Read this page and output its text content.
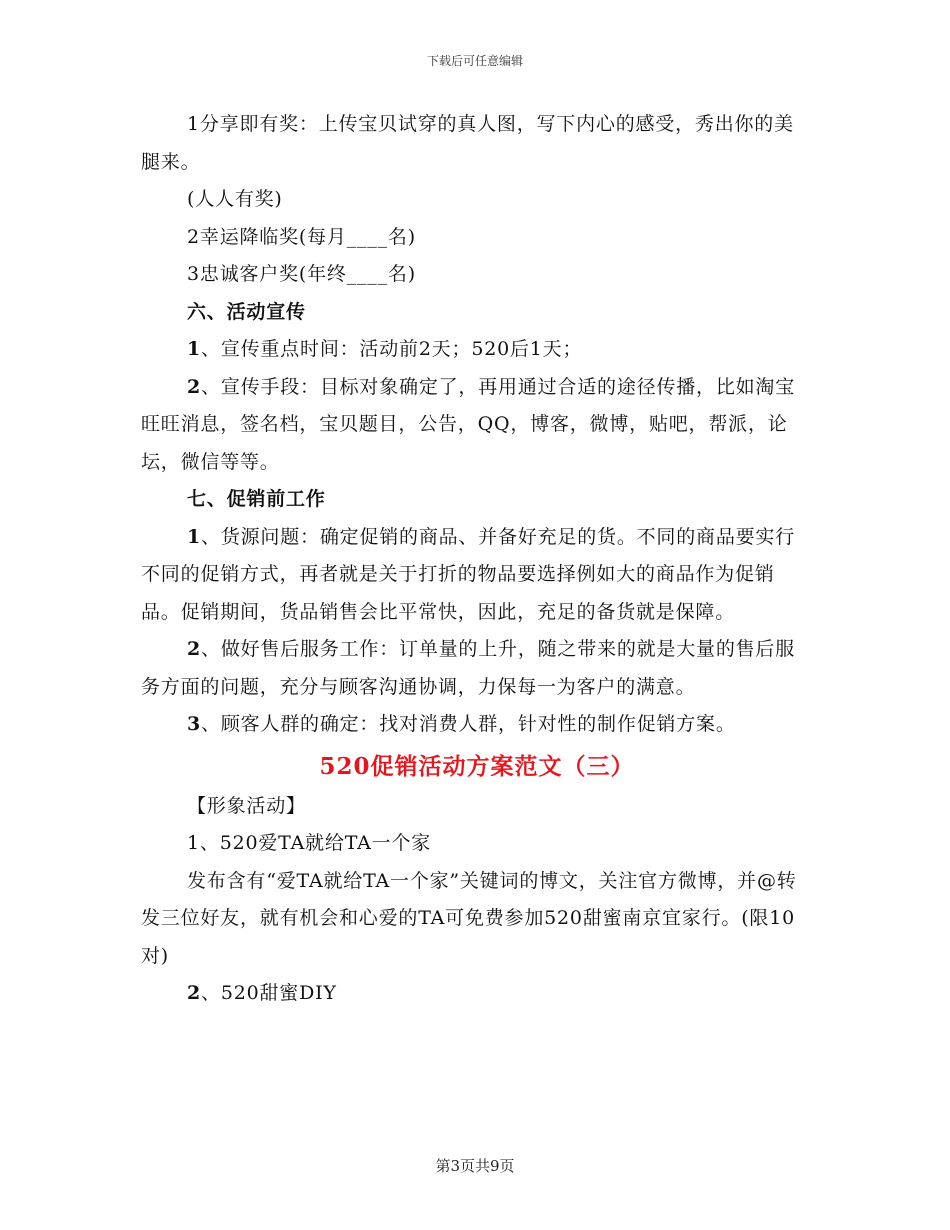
下载后可任意编辑

1分享即有奖：上传宝贝试穿的真人图，写下内心的感受，秀出你的美腿来。

(人人有奖)

2幸运降临奖(每月____名)

3忠诚客户奖(年终____名)

六、活动宣传

1、宣传重点时间：活动前2天；520后1天；

2、宣传手段：目标对象确定了，再用通过合适的途径传播，比如淘宝旺旺消息，签名档，宝贝题目，公告，QQ，博客，微博，贴吧，帮派，论坛，微信等等。

七、促销前工作

1、货源问题：确定促销的商品、并备好充足的货。不同的商品要实行不同的促销方式，再者就是关于打折的物品要选择例如大的商品作为促销品。促销期间，货品销售会比平常快，因此，充足的备货就是保障。

2、做好售后服务工作：订单量的上升，随之带来的就是大量的售后服务方面的问题，充分与顾客沟通协调，力保每一为客户的满意。

3、顾客人群的确定：找对消费人群，针对性的制作促销方案。

520促销活动方案范文（三）

【形象活动】

1、520爱TA就给TA一个家

发布含有“爱TA就给TA一个家”关键词的博文，关注官方微博，并@转发三位好友，就有机会和心爱的TA可免费参加520甜蜜南京宜家行。(限10对)

2、520甜蜜DIY

第3页共9页
